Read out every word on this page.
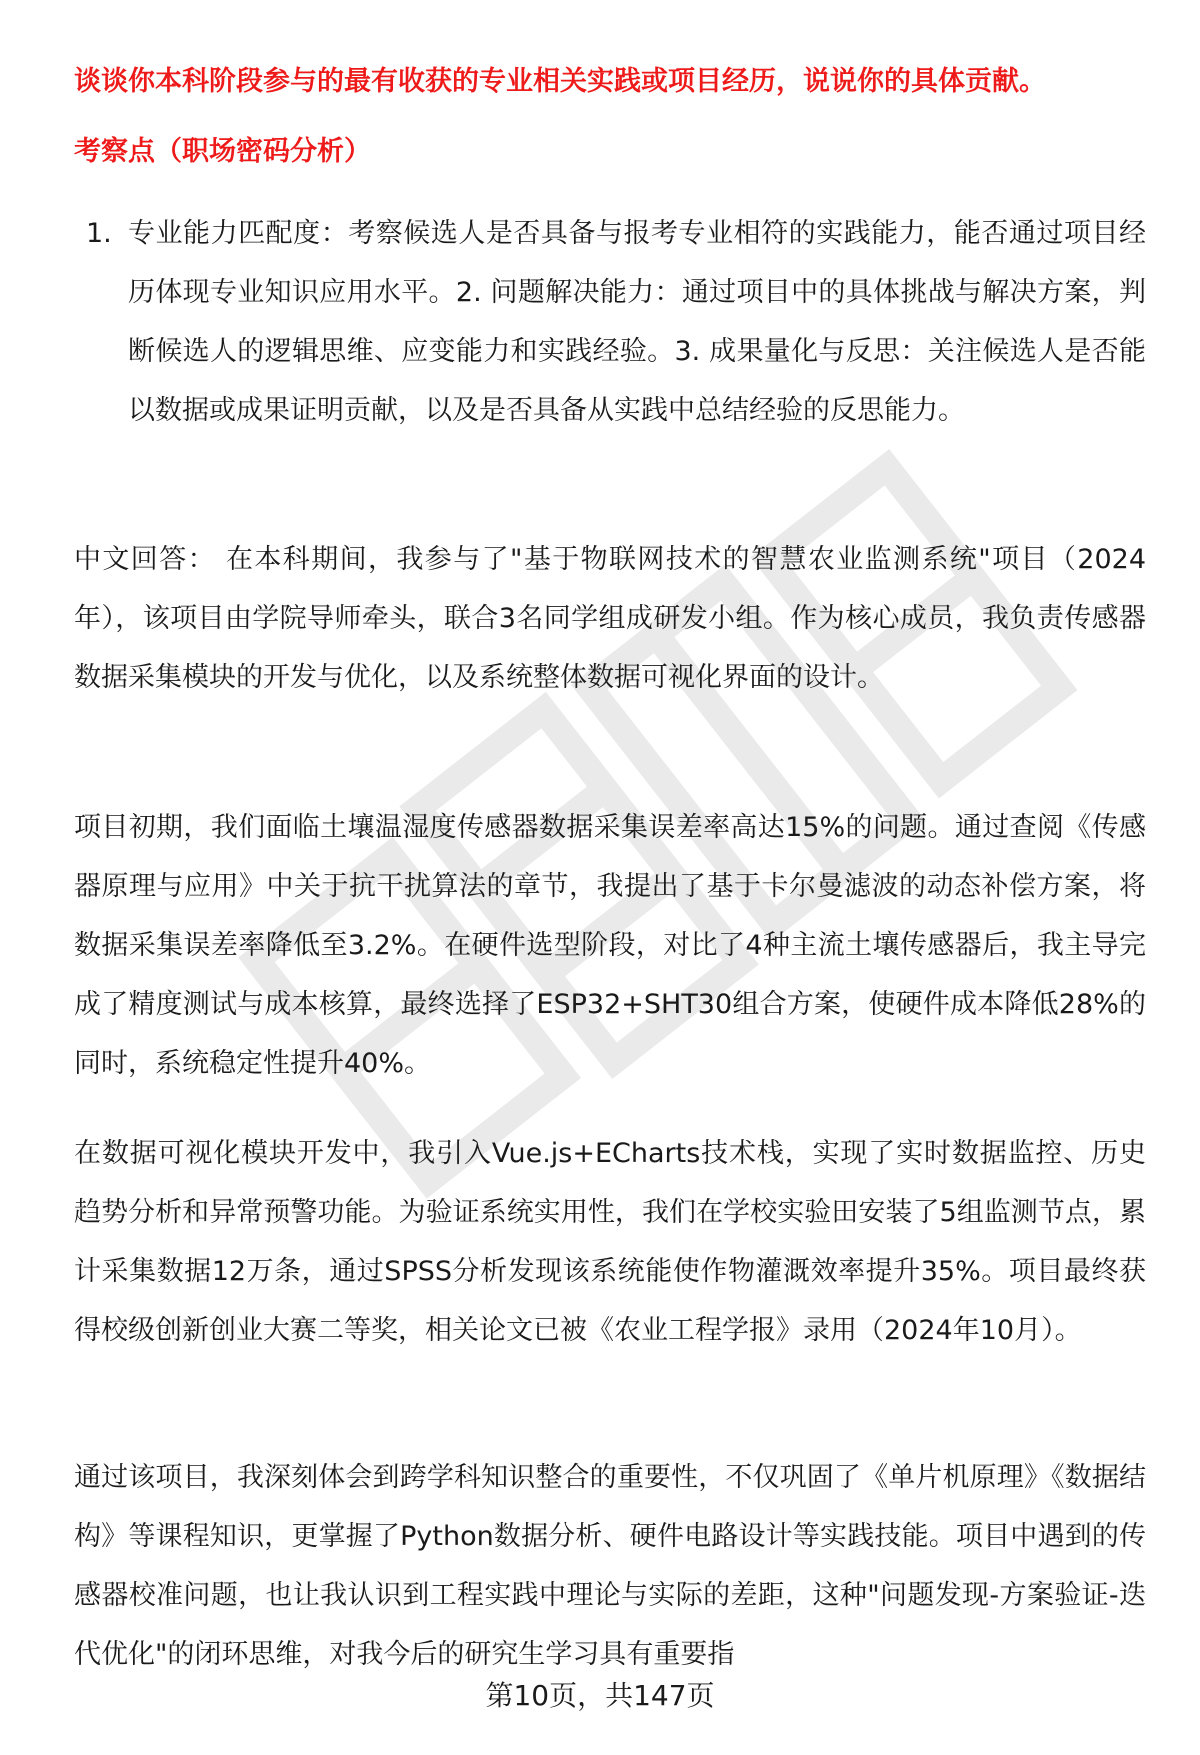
谈谈你本科阶段参与的最有收获的专业相关实践或项目经历，说说你的具体贡献。
考察点（职场密码分析）
1. 专业能力匹配度：考察候选人是否具备与报考专业相符的实践能力，能否通过项目经历体现专业知识应用水平。2. 问题解决能力：通过项目中的具体挑战与解决方案，判断候选人的逻辑思维、应变能力和实践经验。3. 成果量化与反思：关注候选人是否能以数据或成果证明贡献，以及是否具备从实践中总结经验的反思能力。

中文回答： 在本科期间，我参与了"基于物联网技术的智慧农业监测系统"项目（2024年），该项目由学院导师牵头，联合3名同学组成研发小组。作为核心成员，我负责传感器数据采集模块的开发与优化，以及系统整体数据可视化界面的设计。

项目初期，我们面临土壤温湿度传感器数据采集误差率高达15%的问题。通过查阅《传感器原理与应用》中关于抗干扰算法的章节，我提出了基于卡尔曼滤波的动态补偿方案，将数据采集误差率降低至3.2%。在硬件选型阶段，对比了4种主流土壤传感器后，我主导完成了精度测试与成本核算，最终选择了ESP32+SHT30组合方案，使硬件成本降低28%的同时，系统稳定性提升40%。

在数据可视化模块开发中，我引入Vue.js+ECharts技术栈，实现了实时数据监控、历史趋势分析和异常预警功能。为验证系统实用性，我们在学校实验田安装了5组监测节点，累计采集数据12万条，通过SPSS分析发现该系统能使作物灌溉效率提升35%。项目最终获得校级创新创业大赛二等奖，相关论文已被《农业工程学报》录用（2024年10月）。

通过该项目，我深刻体会到跨学科知识整合的重要性，不仅巩固了《单片机原理》《数据结构》等课程知识，更掌握了Python数据分析、硬件电路设计等实践技能。项目中遇到的传感器校准问题，也让我认识到工程实践中理论与实际的差距，这种"问题发现-方案验证-迭代优化"的闭环思维，对我今后的研究生学习具有重要指

第10页，共147页
